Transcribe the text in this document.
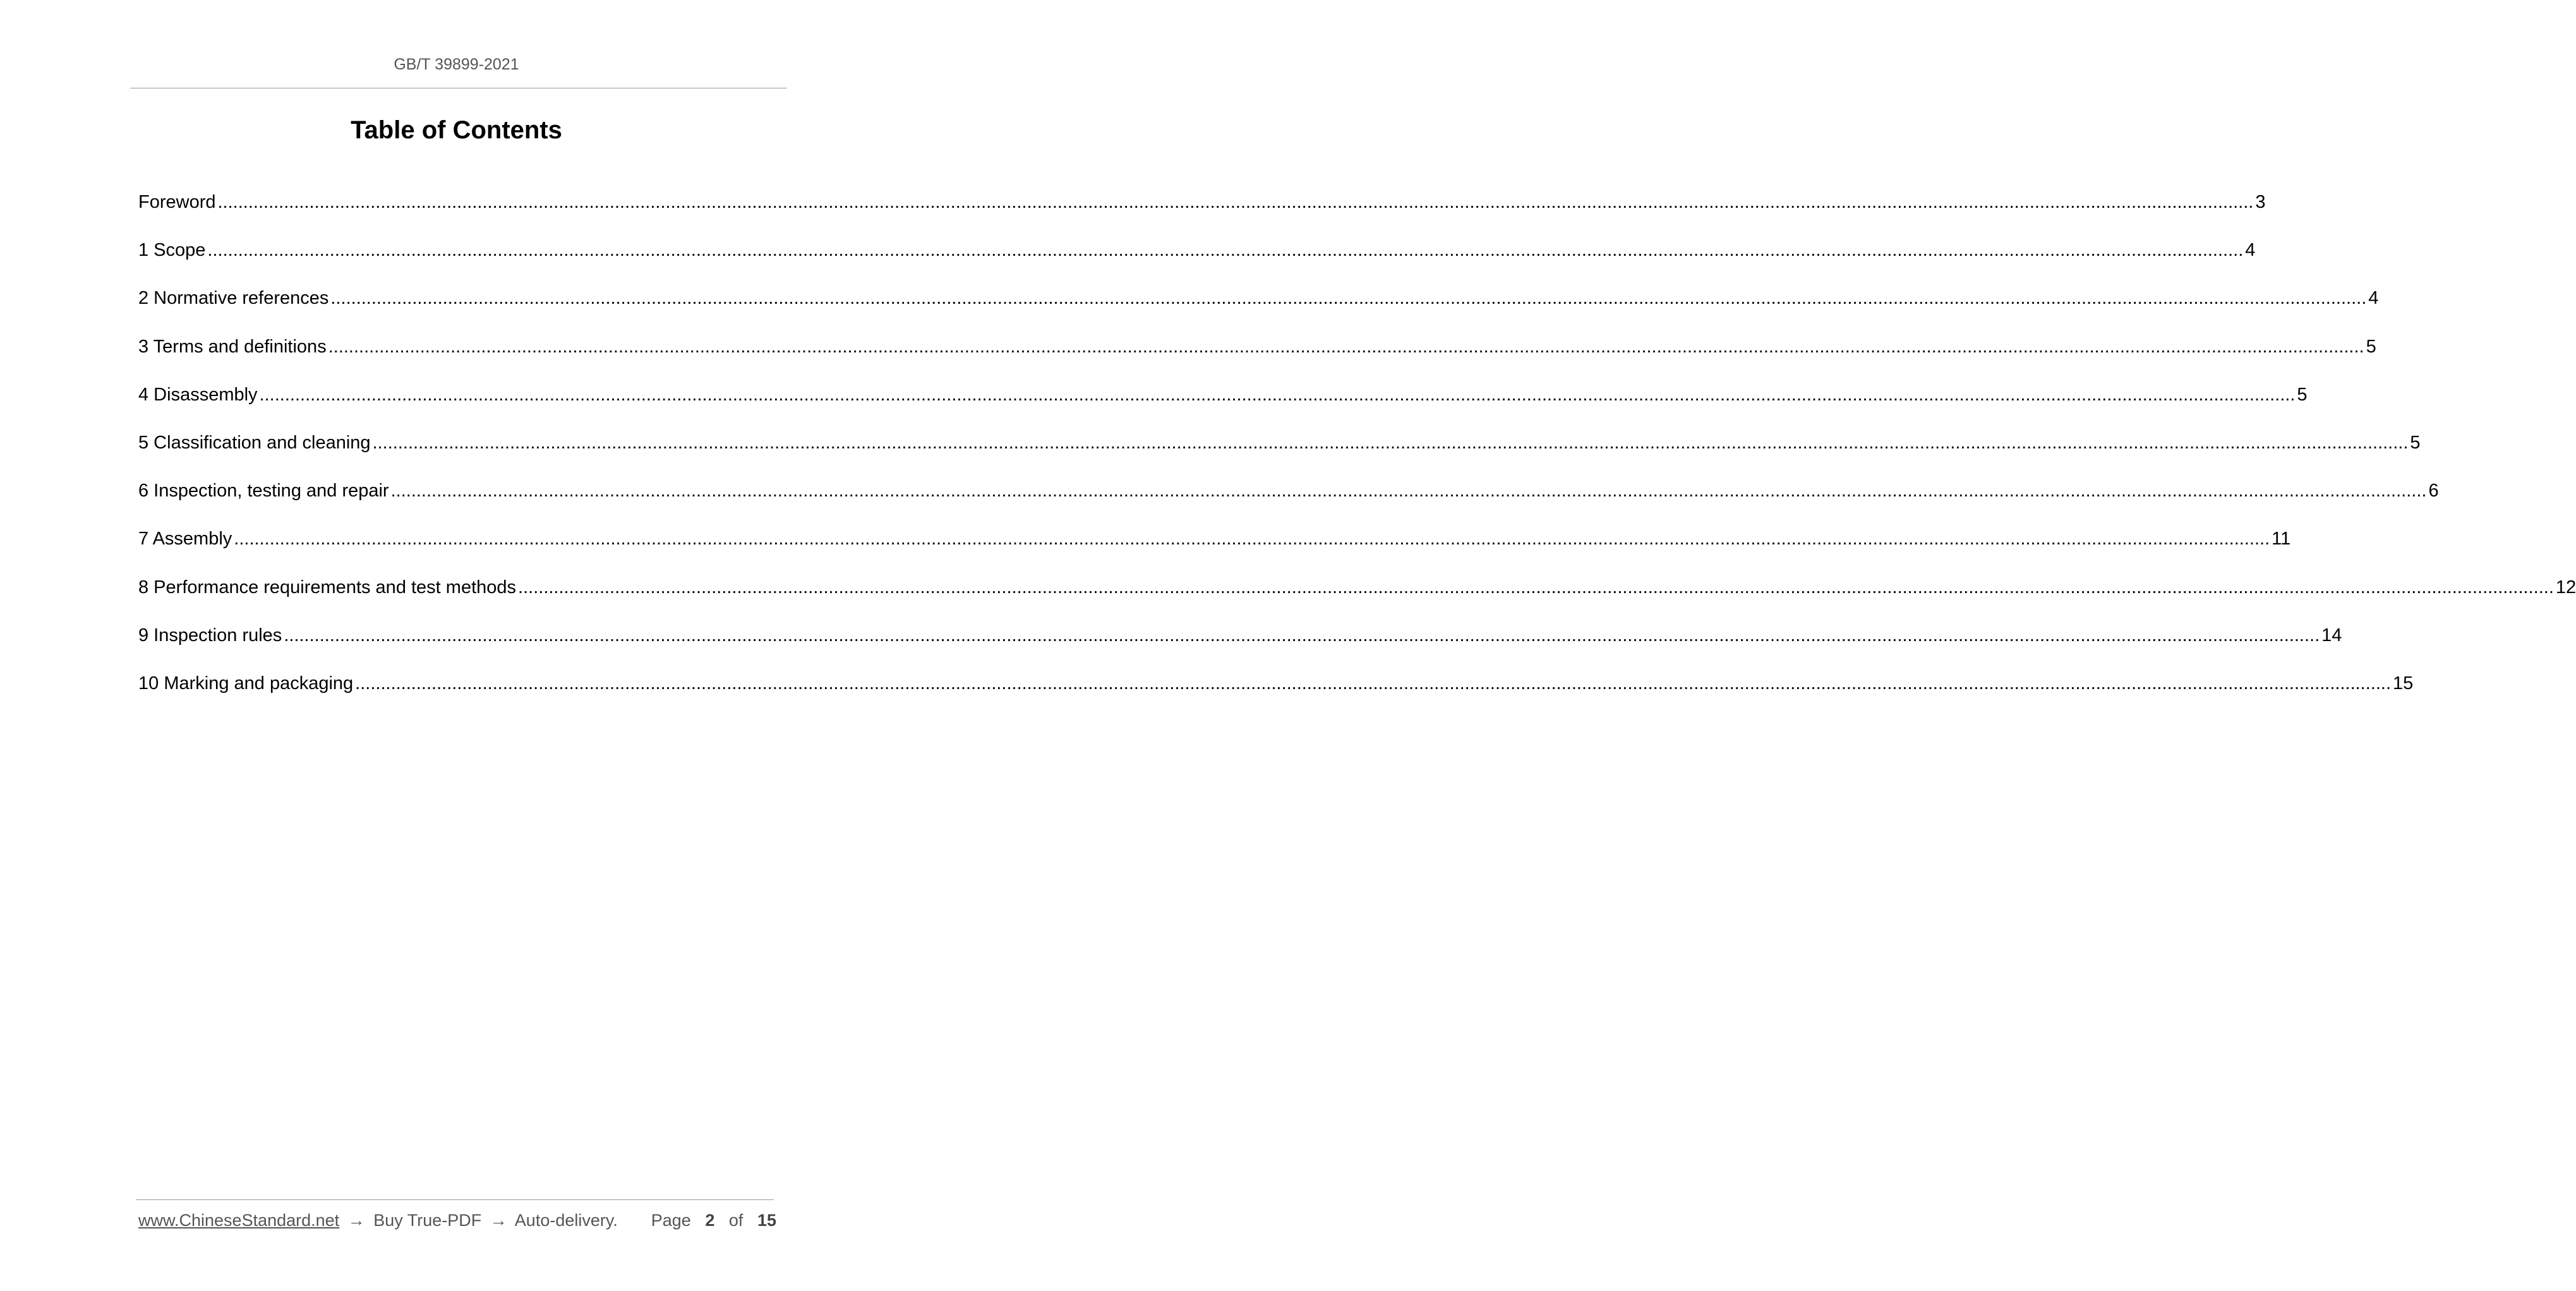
GB/T 39899-2021
Table of Contents
Foreword ................................................................................................................................................................................................................................................................................................................................................................................................................ 3
1 Scope ................................................................................................................................................................................................................................................................................................................................................................................................................ 4
2 Normative references ................................................................................................................................................................................................................................................................................................................................................................................................................ 4
3 Terms and definitions ................................................................................................................................................................................................................................................................................................................................................................................................................ 5
4 Disassembly ................................................................................................................................................................................................................................................................................................................................................................................................................ 5
5 Classification and cleaning ................................................................................................................................................................................................................................................................................................................................................................................................................ 5
6 Inspection, testing and repair ................................................................................................................................................................................................................................................................................................................................................................................................................ 6
7 Assembly ................................................................................................................................................................................................................................................................................................................................................................................................................ 11
8 Performance requirements and test methods ................................................................................................................................................................................................................................................................................................................................................................................................................ 12
9 Inspection rules ................................................................................................................................................................................................................................................................................................................................................................................................................ 14
10 Marking and packaging ................................................................................................................................................................................................................................................................................................................................................................................................................ 15
www.ChineseStandard.net → Buy True-PDF → Auto-delivery. Page 2 of 15
